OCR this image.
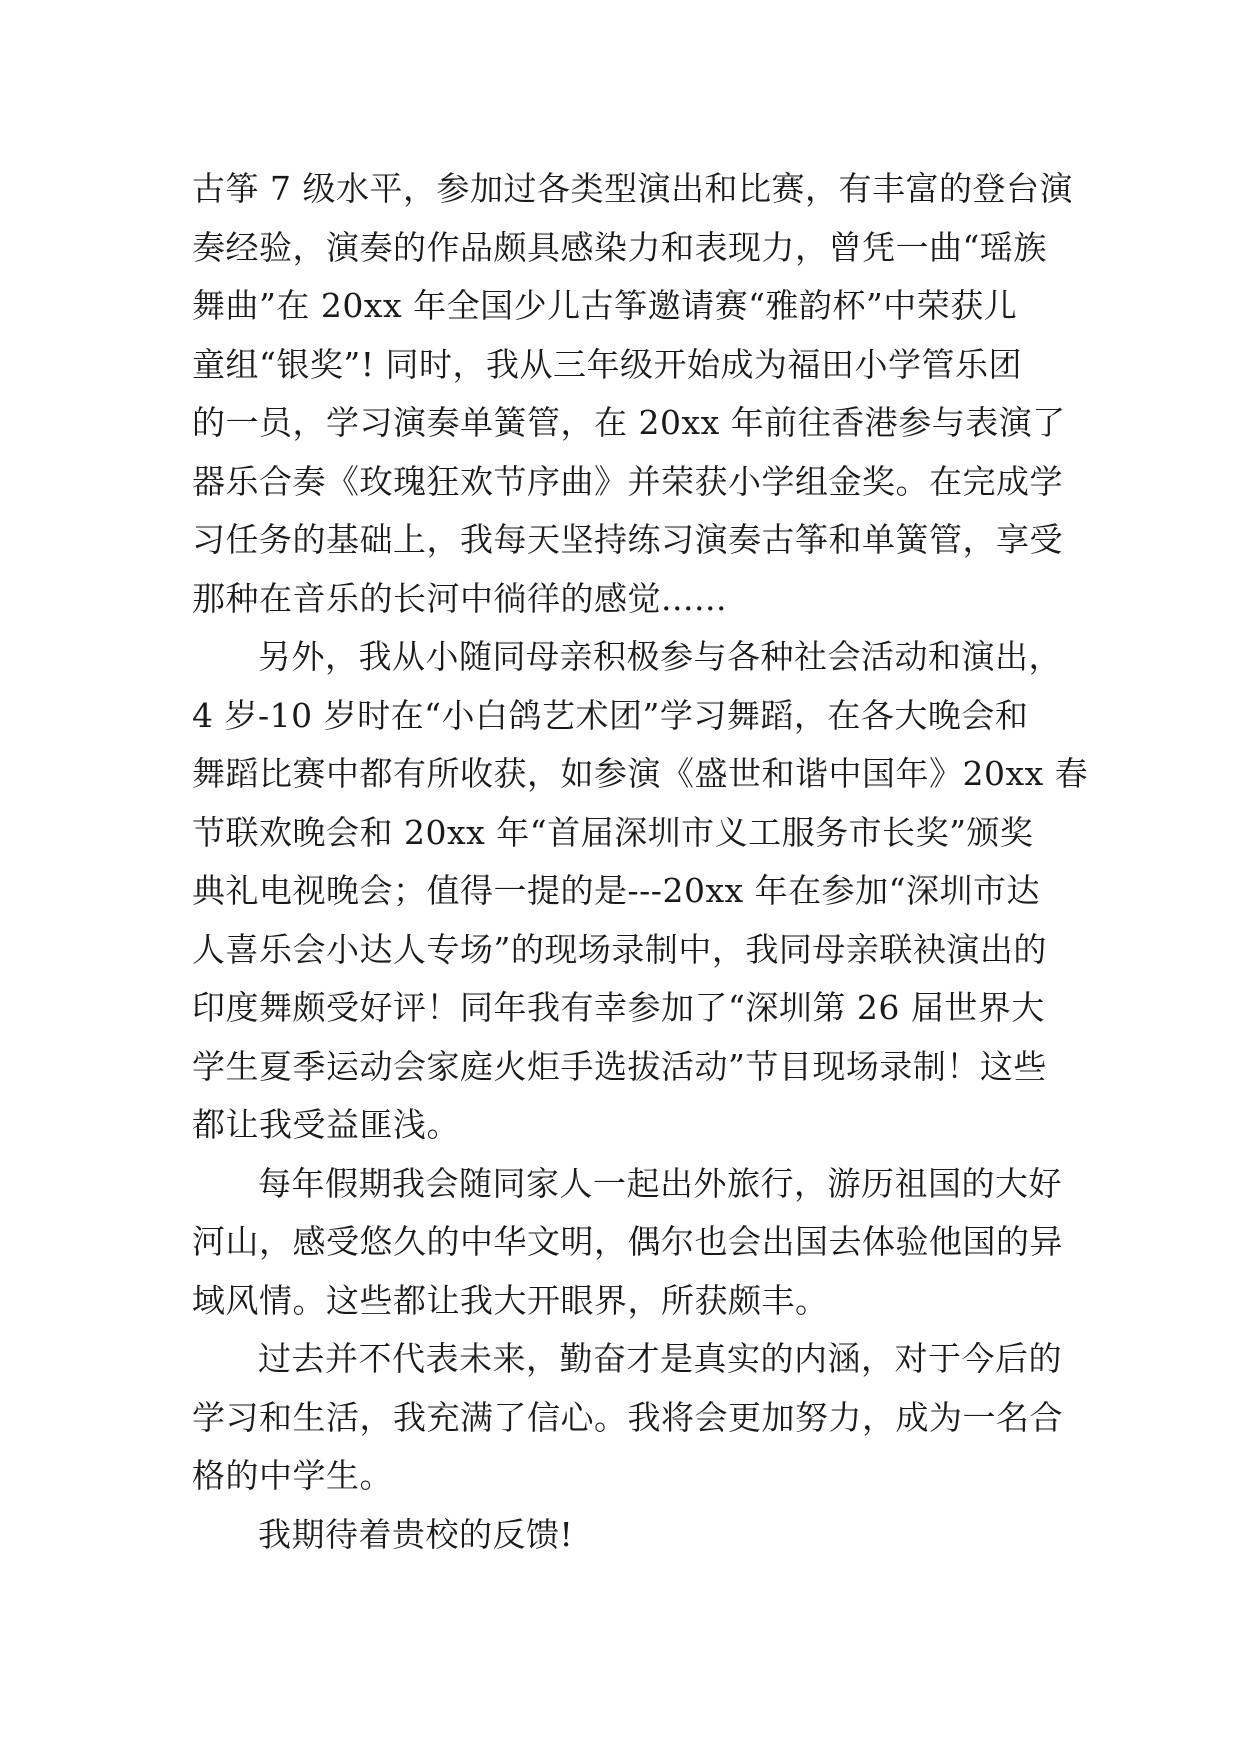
古筝 7 级水平，参加过各类型演出和比赛，有丰富的登台演
奏经验，演奏的作品颇具感染力和表现力，曾凭一曲“瑶族
舞曲”在 20xx 年全国少儿古筝邀请赛“雅韵杯”中荣获儿
童组“银奖”! 同时，我从三年级开始成为福田小学管乐团
的一员，学习演奏单簧管，在 20xx 年前往香港参与表演了
器乐合奏《玫瑰狂欢节序曲》并荣获小学组金奖。在完成学
习任务的基础上，我每天坚持练习演奏古筝和单簧管，享受
那种在音乐的长河中徜徉的感觉......
另外，我从小随同母亲积极参与各种社会活动和演出，
4 岁-10 岁时在“小白鸽艺术团”学习舞蹈，在各大晚会和
舞蹈比赛中都有所收获，如参演《盛世和谐中国年》20xx 春
节联欢晚会和 20xx 年“首届深圳市义工服务市长奖”颁奖
典礼电视晚会；值得一提的是---20xx 年在参加“深圳市达
人喜乐会小达人专场”的现场录制中，我同母亲联袂演出的
印度舞颇受好评！同年我有幸参加了“深圳第 26 届世界大
学生夏季运动会家庭火炬手选拔活动”节目现场录制！这些
都让我受益匪浅。
每年假期我会随同家人一起出外旅行，游历祖国的大好
河山，感受悠久的中华文明，偶尔也会出国去体验他国的异
域风情。这些都让我大开眼界，所获颇丰。
过去并不代表未来，勤奋才是真实的内涵，对于今后的
学习和生活，我充满了信心。我将会更加努力，成为一名合
格的中学生。
我期待着贵校的反馈!
